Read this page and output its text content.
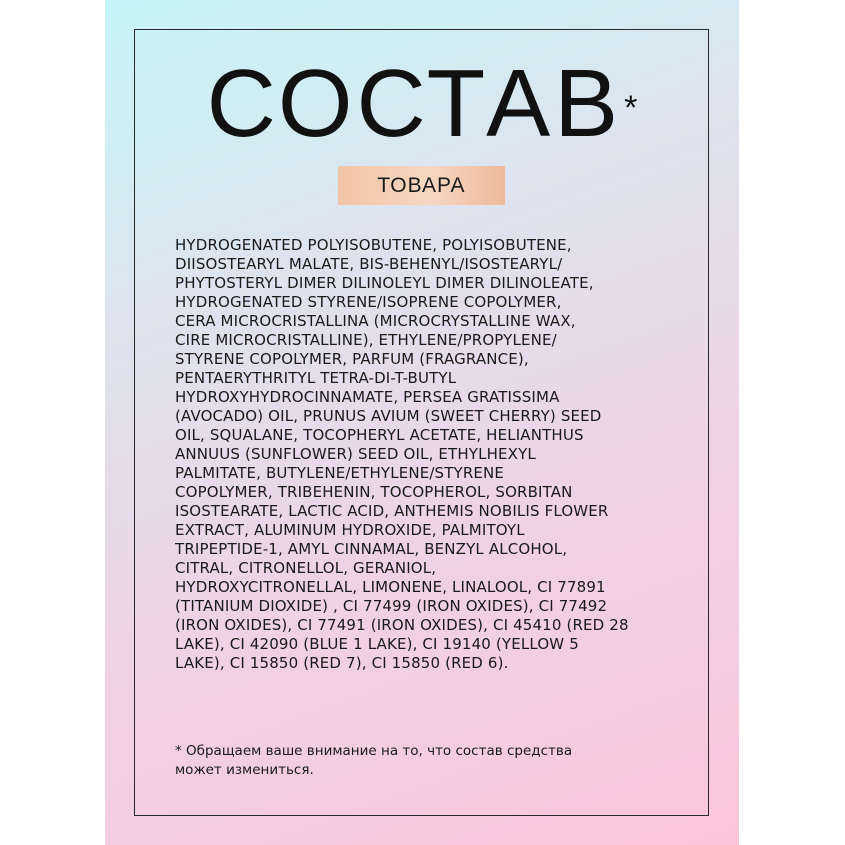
СОСТАВ*
ТОВАРА
HYDROGENATED POLYISOBUTENE, POLYISOBUTENE,
DIISOSTEARYL MALATE, BIS-BEHENYL/ISOSTEARYL/
PHYTOSTERYL DIMER DILINOLEYL DIMER DILINOLEATE,
HYDROGENATED STYRENE/ISOPRENE COPOLYMER,
CERA MICROCRISTALLINA (MICROCRYSTALLINE WAX,
CIRE MICROCRISTALLINE), ETHYLENE/PROPYLENE/
STYRENE COPOLYMER, PARFUM (FRAGRANCE),
PENTAERYTHRITYL TETRA-DI-T-BUTYL
HYDROXYHYDROCINNAMATE, PERSEA GRATISSIMA
(AVOCADO) OIL, PRUNUS AVIUM (SWEET CHERRY) SEED
OIL, SQUALANE, TOCOPHERYL ACETATE, HELIANTHUS
ANNUUS (SUNFLOWER) SEED OIL, ETHYLHEXYL
PALMITATE, BUTYLENE/ETHYLENE/STYRENE
COPOLYMER, TRIBEHENIN, TOCOPHEROL, SORBITAN
ISOSTEARATE, LACTIC ACID, ANTHEMIS NOBILIS FLOWER
EXTRACT, ALUMINUM HYDROXIDE, PALMITOYL
TRIPEPTIDE-1, AMYL CINNAMAL, BENZYL ALCOHOL,
CITRAL, CITRONELLOL, GERANIOL,
HYDROXYCITRONELLAL, LIMONENE, LINALOOL, CI 77891
(TITANIUM DIOXIDE) , CI 77499 (IRON OXIDES), CI 77492
(IRON OXIDES), CI 77491 (IRON OXIDES), CI 45410 (RED 28
LAKE), CI 42090 (BLUE 1 LAKE), CI 19140 (YELLOW 5
LAKE), CI 15850 (RED 7), CI 15850 (RED 6).
* Обращаем ваше внимание на то, что состав средства
может измениться.
